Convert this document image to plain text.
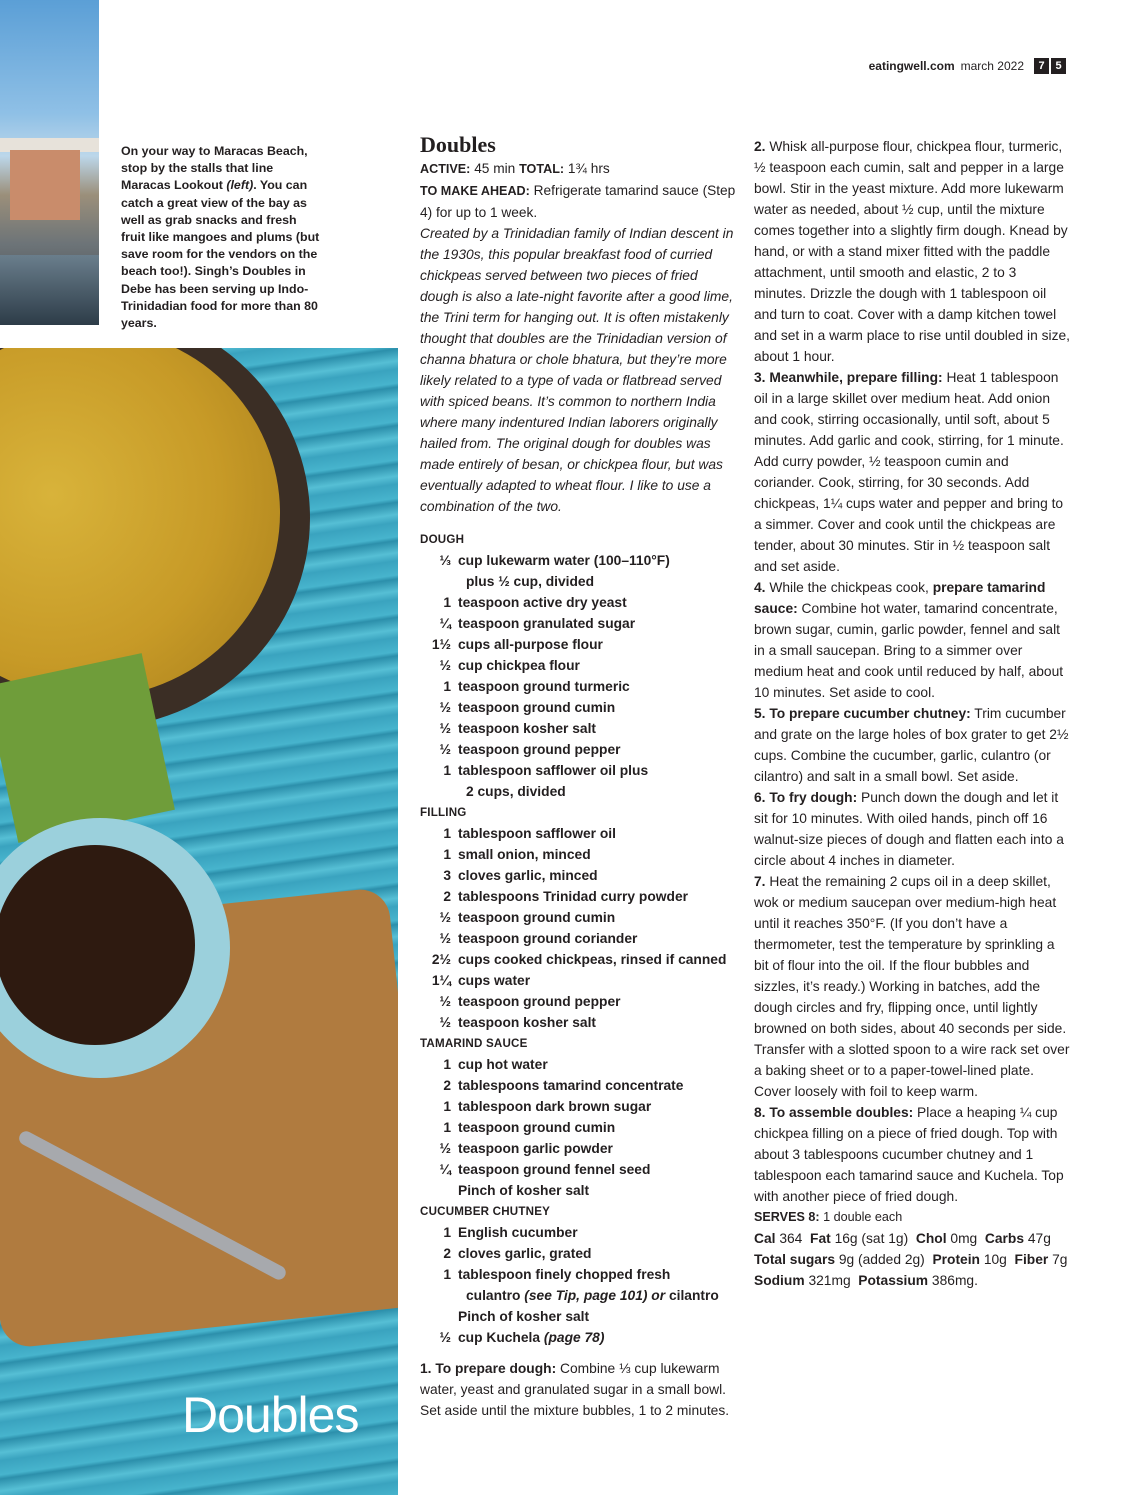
eatingwell.com march 2022	7 5

On your way to Maracas Beach, stop by the stalls that line Maracas Lookout (left). You can catch a great view of the bay as well as grab snacks and fresh fruit like mangoes and plums (but save room for the vendors on the beach too!). Singh’s Doubles in Debe has been serving up Indo-Trinidadian food for more than 80 years.

Doubles
Doubles
ACTIVE: 45 min TOTAL: 1¾ hrs
TO MAKE AHEAD: Refrigerate tamarind sauce (Step 4) for up to 1 week.

Created by a Trinidadian family of Indian descent in the 1930s, this popular breakfast food of curried chickpeas served between two pieces of fried dough is also a late-night favorite after a good lime, the Trini term for hanging out. It is often mistakenly thought that doubles are the Trinidadian version of channa bhatura or chole bhatura, but they’re more likely related to a type of vada or flatbread served with spiced beans. It’s common to northern India where many indentured Indian laborers originally hailed from. The original dough for doubles was made entirely of besan, or chickpea flour, but was eventually adapted to wheat flour. I like to use a combination of the two.

DOUGH
⅓ cup lukewarm water (100–110°F)
plus ½ cup, divided
1 teaspoon active dry yeast
¼ teaspoon granulated sugar
1½ cups all-purpose flour
½ cup chickpea flour
1 teaspoon ground turmeric
½ teaspoon ground cumin
½ teaspoon kosher salt
½ teaspoon ground pepper
1 tablespoon safflower oil plus
2 cups, divided
FILLING
1 tablespoon safflower oil
1 small onion, minced
3 cloves garlic, minced
2 tablespoons Trinidad curry powder
½ teaspoon ground cumin
½ teaspoon ground coriander
2½ cups cooked chickpeas, rinsed if canned
1¼ cups water
½ teaspoon ground pepper
½ teaspoon kosher salt
TAMARIND SAUCE
1 cup hot water
2 tablespoons tamarind concentrate
1 tablespoon dark brown sugar
1 teaspoon ground cumin
½ teaspoon garlic powder
¼ teaspoon ground fennel seed
Pinch of kosher salt
CUCUMBER CHUTNEY
1 English cucumber
2 cloves garlic, grated
1 tablespoon finely chopped fresh
culantro (see Tip, page 101) or cilantro
Pinch of kosher salt
½ cup Kuchela (page 78)

1. To prepare dough: Combine ⅓ cup lukewarm water, yeast and granulated sugar in a small bowl. Set aside until the mixture bubbles, 1 to 2 minutes.

2. Whisk all-purpose flour, chickpea flour, turmeric, ½ teaspoon each cumin, salt and pepper in a large bowl. Stir in the yeast mixture. Add more lukewarm water as needed, about ½ cup, until the mixture comes together into a slightly firm dough. Knead by hand, or with a stand mixer fitted with the paddle attachment, until smooth and elastic, 2 to 3 minutes. Drizzle the dough with 1 tablespoon oil and turn to coat. Cover with a damp kitchen towel and set in a warm place to rise until doubled in size, about 1 hour.

3. Meanwhile, prepare filling: Heat 1 tablespoon oil in a large skillet over medium heat. Add onion and cook, stirring occasionally, until soft, about 5 minutes. Add garlic and cook, stirring, for 1 minute. Add curry powder, ½ teaspoon cumin and coriander. Cook, stirring, for 30 seconds. Add chickpeas, 1¼ cups water and pepper and bring to a simmer. Cover and cook until the chickpeas are tender, about 30 minutes. Stir in ½ teaspoon salt and set aside.

4. While the chickpeas cook, prepare tamarind sauce: Combine hot water, tamarind concentrate, brown sugar, cumin, garlic powder, fennel and salt in a small saucepan. Bring to a simmer over medium heat and cook until reduced by half, about 10 minutes. Set aside to cool.

5. To prepare cucumber chutney: Trim cucumber and grate on the large holes of box grater to get 2½ cups. Combine the cucumber, garlic, culantro (or cilantro) and salt in a small bowl. Set aside.

6. To fry dough: Punch down the dough and let it sit for 10 minutes. With oiled hands, pinch off 16 walnut-size pieces of dough and flatten each into a circle about 4 inches in diameter.

7. Heat the remaining 2 cups oil in a deep skillet, wok or medium saucepan over medium-high heat until it reaches 350°F. (If you don’t have a thermometer, test the temperature by sprinkling a bit of flour into the oil. If the flour bubbles and sizzles, it’s ready.) Working in batches, add the dough circles and fry, flipping once, until lightly browned on both sides, about 40 seconds per side. Transfer with a slotted spoon to a wire rack set over a baking sheet or to a paper-towel-lined plate. Cover loosely with foil to keep warm.

8. To assemble doubles: Place a heaping ¼ cup chickpea filling on a piece of fried dough. Top with about 3 tablespoons cucumber chutney and 1 tablespoon each tamarind sauce and Kuchela. Top with another piece of fried dough.

SERVES 8: 1 double each

Cal 364 Fat 16g (sat 1g) Chol 0mg Carbs 47g Total sugars 9g (added 2g) Protein 10g Fiber 7g Sodium 321mg Potassium 386mg.
